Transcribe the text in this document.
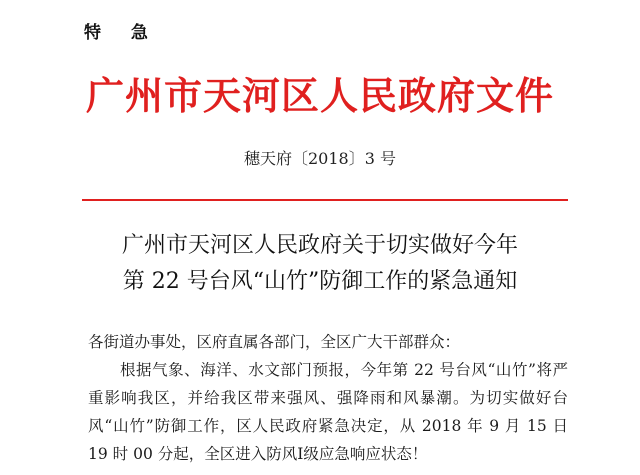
特 急
广州市天河区人民政府文件
穗天府〔2018〕3 号
广州市天河区人民政府关于切实做好今年
第 22 号台风“山竹”防御工作的紧急通知

各街道办事处，区府直属各部门，全区广大干部群众：

根据气象、海洋、水文部门预报，今年第 22 号台风“山竹”将严重影响我区，并给我区带来强风、强降雨和风暴潮。为切实做好台风“山竹”防御工作，区人民政府紧急决定，从 2018 年 9 月 15 日 19 时 00 分起，全区进入防风Ⅰ级应急响应状态！
